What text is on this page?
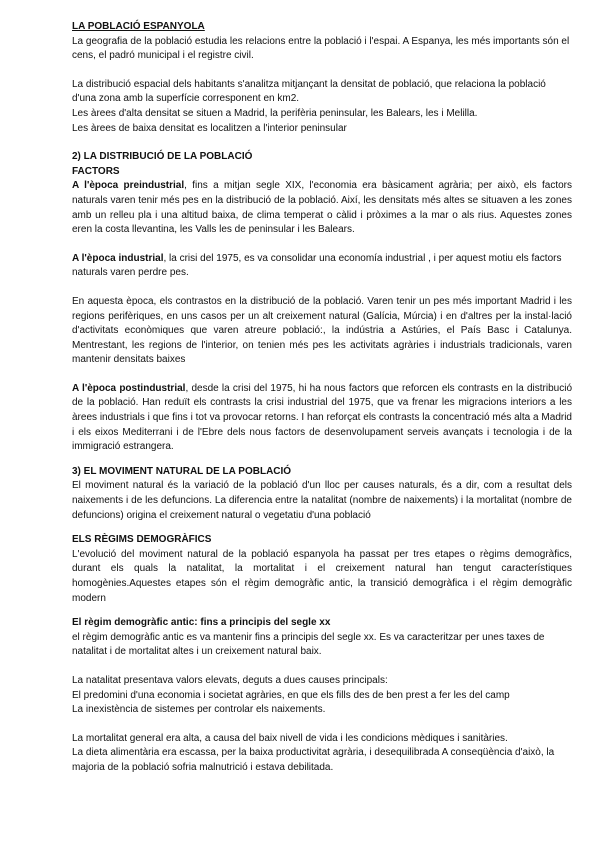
LA POBLACIÓ ESPANYOLA

La geografia de la població estudia les relacions entre la població i l'espai. A Espanya, les més importants són el cens, el padró municipal i el registre civil.

La distribució espacial dels habitants s'analitza mitjançant la densitat de població, que relaciona la població d'una zona amb la superfície corresponent en km2.

Les àrees d'alta densitat se situen a Madrid, la perifèria peninsular, les Balears, les i Melilla.

Les àrees de baixa densitat es localitzen a l'interior peninsular

2) LA DISTRIBUCIÓ DE LA POBLACIÓ

FACTORS

A l'època preindustrial, fins a mitjan segle XIX, l'economia era bàsicament agrària; per això, els factors naturals varen tenir més pes en la distribució de la població. Així, les densitats més altes se situaven a les zones amb un relleu pla i una altitud baixa, de clima temperat o càlid i pròximes a la mar o als rius. Aquestes zones eren la costa llevantina, les Valls les de peninsular i les Balears.

A l'època industrial, la crisi del 1975, es va consolidar una economía industrial , i per aquest motiu els factors naturals varen perdre pes.

En aquesta època, els contrastos en la distribució de la població. Varen tenir un pes més important Madrid i les regions perifèriques, en uns casos per un alt creixement natural (Galícia, Múrcia) i en d'altres per la instal·lació d'activitats econòmiques que varen atreure població:, la indústria a Astúries, el País Basc i Catalunya. Mentrestant, les regions de l'interior, on tenien més pes les activitats agràries i industrials tradicionals, varen mantenir densitats baixes

A l'època postindustrial, desde la crisi del 1975, hi ha nous factors que reforcen els contrasts en la distribució de la població. Han reduït els contrasts la crisi industrial del 1975, que va frenar les migracions interiors a les àrees industrials i que fins i tot va provocar retorns. I han reforçat els contrasts la concentració més alta a Madrid i els eixos Mediterrani i de l'Ebre dels nous factors de desenvolupament serveis avançats i tecnologia i de la immigració estrangera.

3) EL MOVIMENT NATURAL DE LA POBLACIÓ

El moviment natural és la variació de la població d'un lloc per causes naturals, és a dir, com a resultat dels naixements i de les defuncions. La diferencia entre la natalitat (nombre de naixements) i la mortalitat (nombre de defuncions) origina el creixement natural o vegetatiu d'una població

ELS RÈGIMS DEMOGRÀFICS

L'evolució del moviment natural de la població espanyola ha passat per tres etapes o règims demogràfics, durant els quals la natalitat, la mortalitat i el creixement natural han tengut característiques homogènies.Aquestes etapes són el règim demogràfic antic, la transició demogràfica i el règim demogràfic modern

El règim demogràfic antic: fins a principis del segle xx

el règim demogràfic antic es va mantenir fins a principis del segle xx. Es va caracteritzar per unes taxes de natalitat i de mortalitat altes i un creixement natural baix.

La natalitat presentava valors elevats, deguts a dues causes principals:

El predomini d'una economia i societat agràries, en que els fills des de ben prest a fer les del camp

La inexistència de sistemes per controlar els naixements.

La mortalitat general era alta, a causa del baix nivell de vida i les condicions mèdiques i sanitàries.

La dieta alimentària era escassa, per la baixa productivitat agrària, i desequilibrada A conseqüència d'això, la majoria de la població sofria malnutrició i estava debilitada.
